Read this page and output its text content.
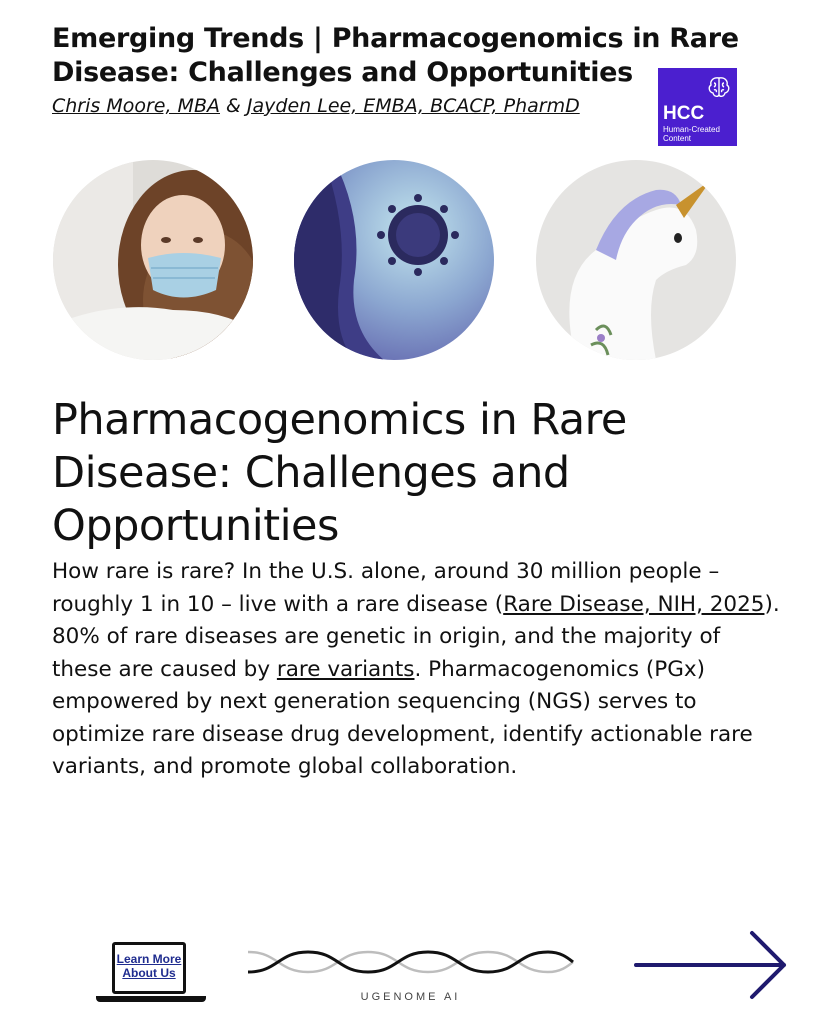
Emerging Trends | Pharmacogenomics in Rare Disease: Challenges and Opportunities
Chris Moore, MBA & Jayden Lee, EMBA, BCACP, PharmD	HCC
Human-Created Content
Pharmacogenomics in Rare Disease: Challenges and Opportunities

How rare is rare? In the U.S. alone, around 30 million people – roughly 1 in 10 – live with a rare disease (Rare Disease, NIH, 2025). 80% of rare diseases are genetic in origin, and the majority of these are caused by rare variants. Pharmacogenomics (PGx) empowered by next generation sequencing (NGS) serves to optimize rare disease drug development, identify actionable rare variants, and promote global collaboration.

Learn More About Us
UGENOME AI
